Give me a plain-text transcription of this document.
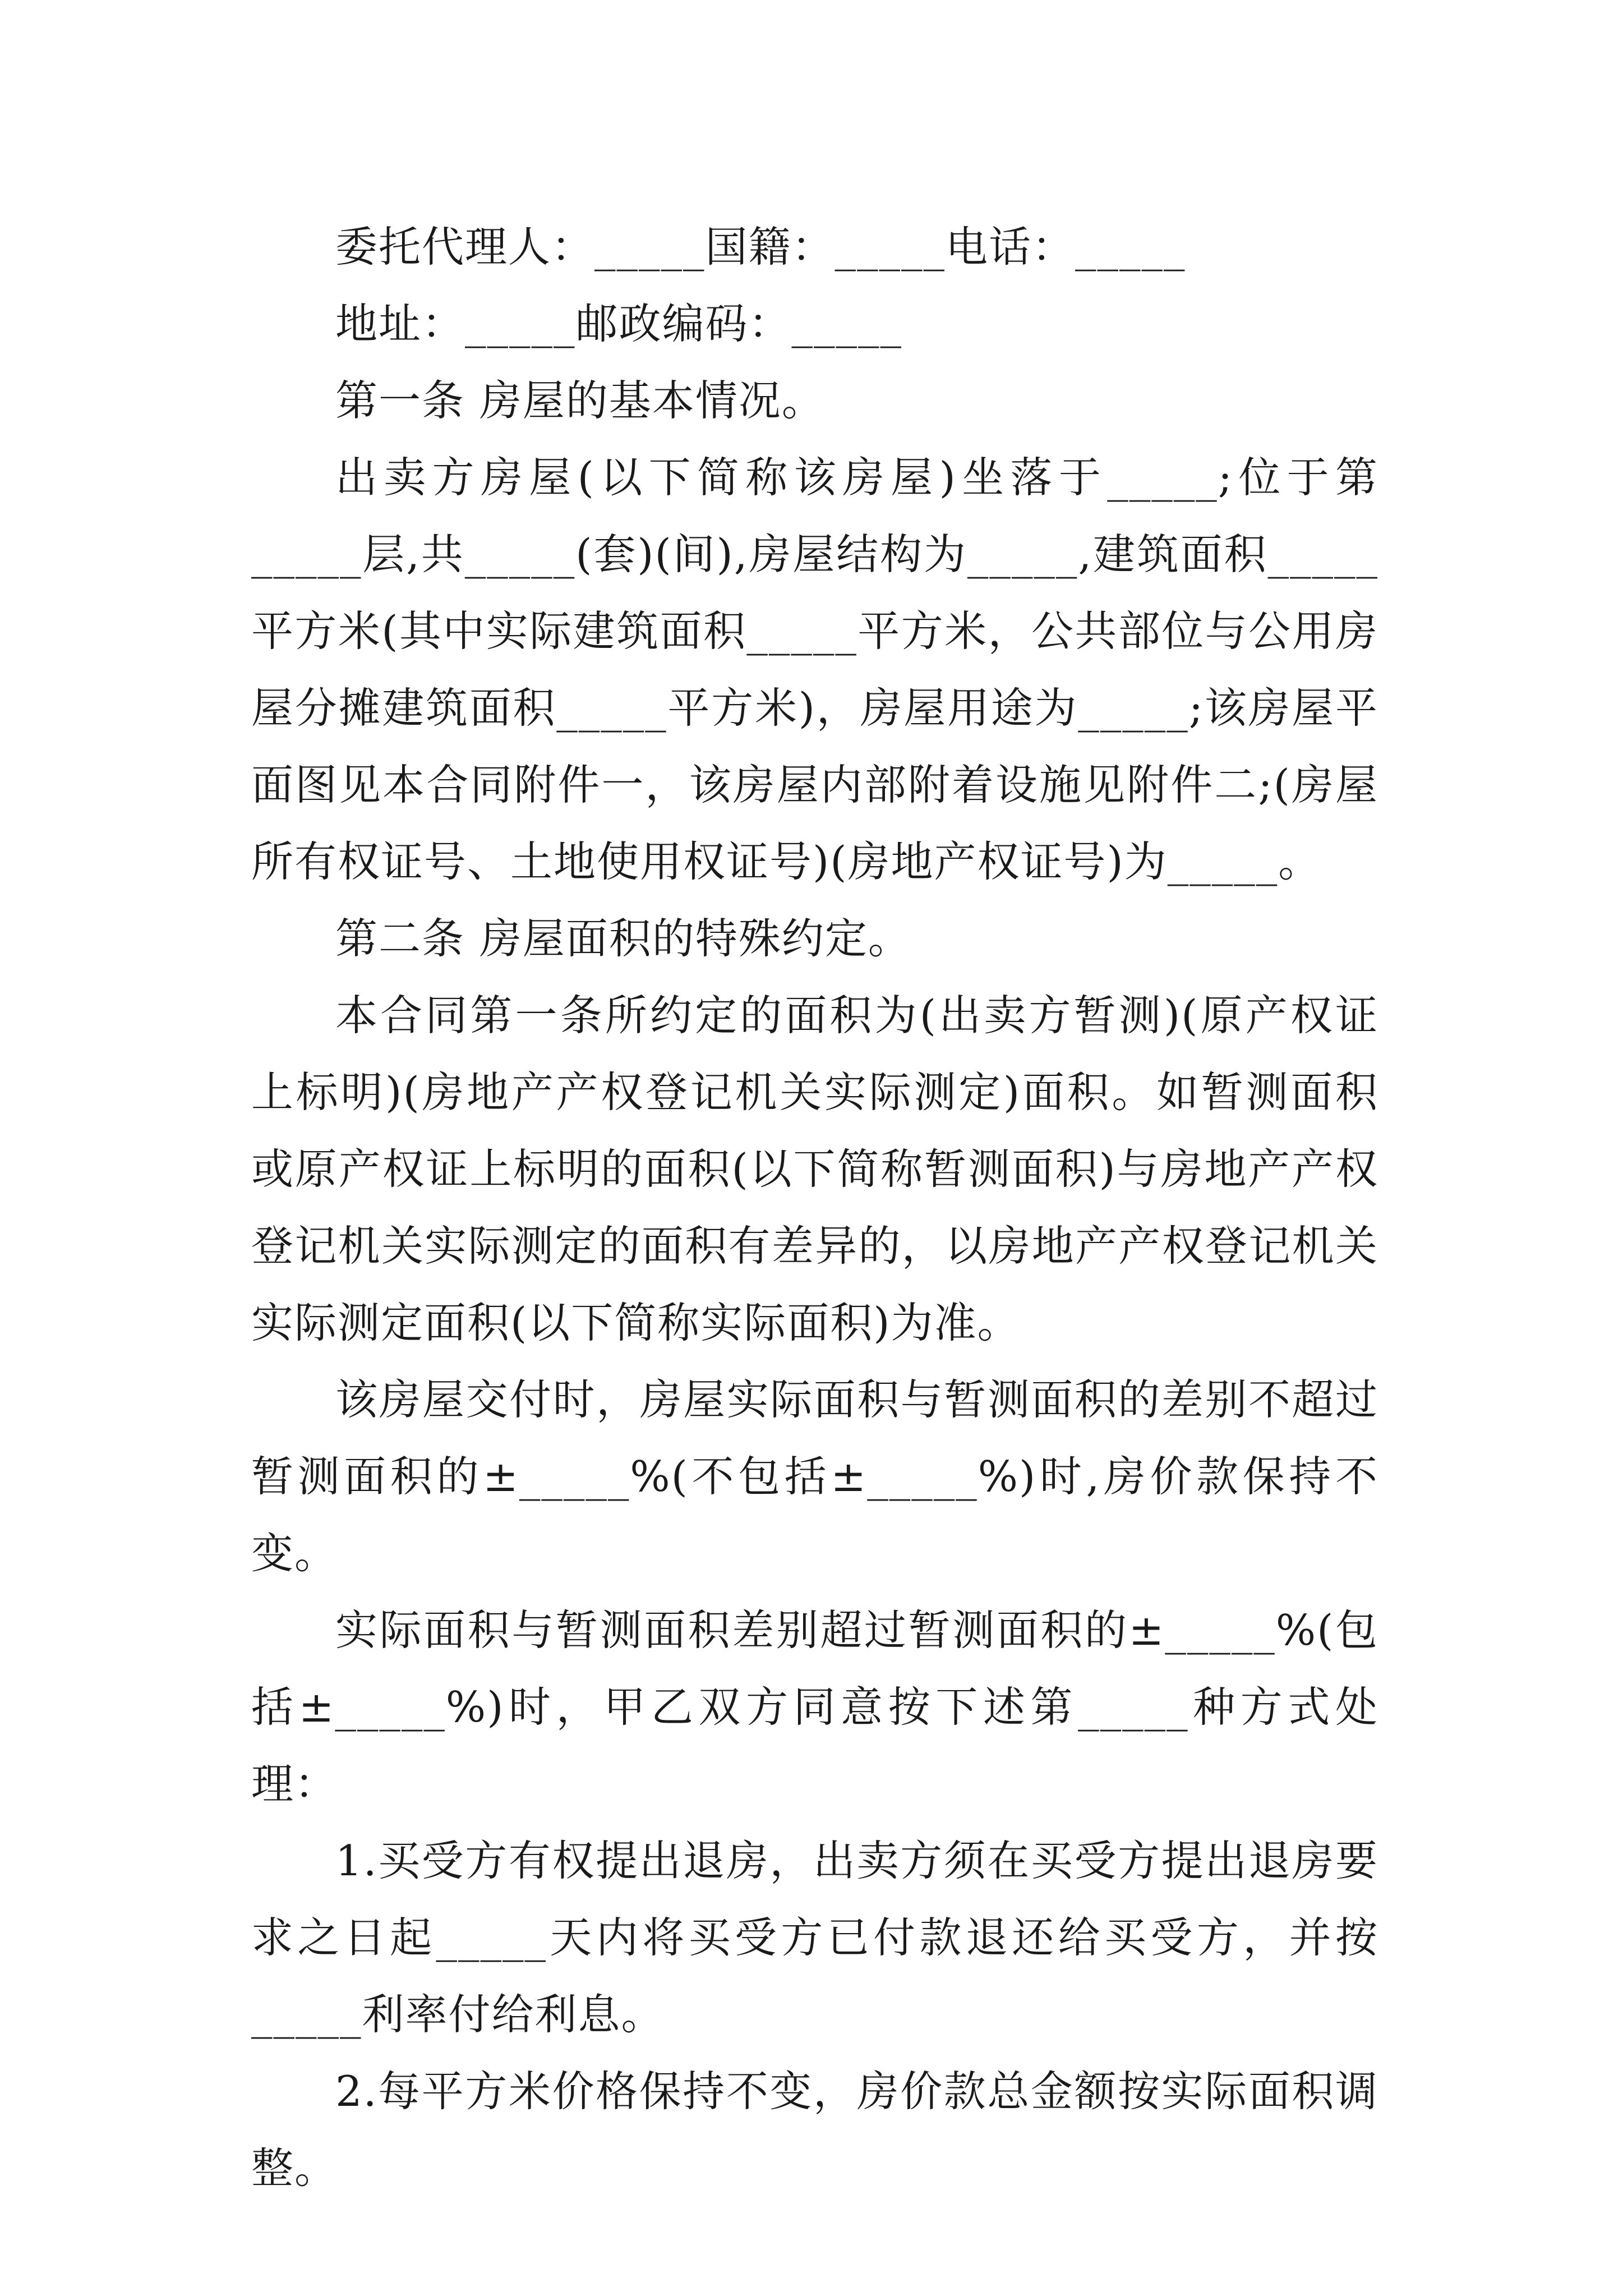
委托代理人：_____国籍：_____电话：_____

地址：_____邮政编码：_____

第一条 房屋的基本情况。

出卖方房屋(以下简称该房屋)坐落于_____;位于第_____层,共_____(套)(间),房屋结构为_____,建筑面积_____平方米(其中实际建筑面积_____平方米，公共部位与公用房屋分摊建筑面积_____平方米)，房屋用途为_____;该房屋平面图见本合同附件一，该房屋内部附着设施见附件二;(房屋所有权证号、土地使用权证号)(房地产权证号)为_____。

第二条 房屋面积的特殊约定。

本合同第一条所约定的面积为(出卖方暂测)(原产权证上标明)(房地产产权登记机关实际测定)面积。如暂测面积或原产权证上标明的面积(以下简称暂测面积)与房地产产权登记机关实际测定的面积有差异的，以房地产产权登记机关实际测定面积(以下简称实际面积)为准。

该房屋交付时，房屋实际面积与暂测面积的差别不超过暂测面积的±_____%(不包括±_____%)时,房价款保持不变。

实际面积与暂测面积差别超过暂测面积的±_____%(包括±_____%)时，甲乙双方同意按下述第_____种方式处理：

1.买受方有权提出退房，出卖方须在买受方提出退房要求之日起_____天内将买受方已付款退还给买受方，并按_____利率付给利息。

2.每平方米价格保持不变，房价款总金额按实际面积调整。
